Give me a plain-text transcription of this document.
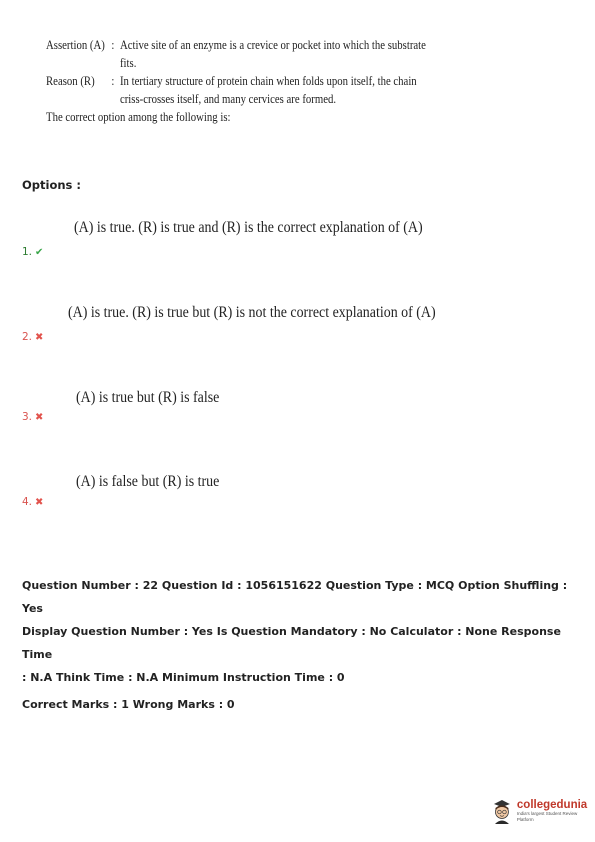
Assertion (A) : Active site of an enzyme is a crevice or pocket into which the substrate
fits.
Reason (R) : In tertiary structure of protein chain when folds upon itself, the chain
criss-crosses itself, and many cervices are formed.
The correct option among the following is:
Options :
(A) is true. (R) is true and (R) is the correct explanation of (A)
1. ✔
(A) is true. (R) is true but (R) is not the correct explanation of (A)
2. ✖
(A) is true but (R) is false
3. ✖
(A) is false but (R) is true
4. ✖
Question Number : 22 Question Id : 1056151622 Question Type : MCQ Option Shuffling : Yes
Display Question Number : Yes Is Question Mandatory : No Calculator : None Response Time
: N.A Think Time : N.A Minimum Instruction Time : 0
Correct Marks : 1 Wrong Marks : 0
collegedunia
India's largest Student Review Platform
